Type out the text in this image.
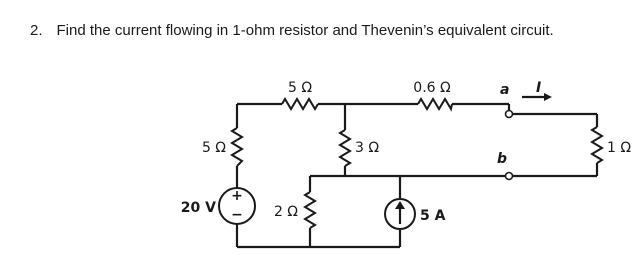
2. Find the current flowing in 1-ohm resistor and Thevenin’s equivalent circuit.
+
−
5 Ω	0.6 Ω	a I
5 Ω	3 Ω
b
1 Ω
20 V	2 Ω	5 A
